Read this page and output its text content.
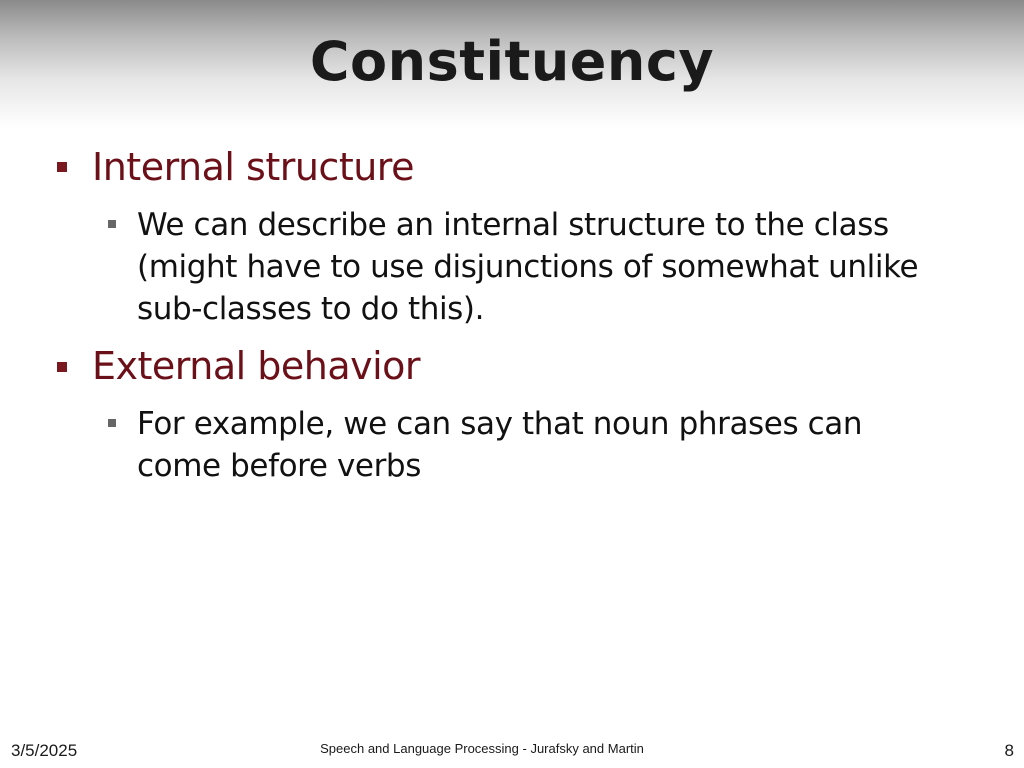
Constituency
Internal structure
We can describe an internal structure to the class
(might have to use disjunctions of somewhat unlike
sub-classes to do this).
External behavior
For example, we can say that noun phrases can
come before verbs
3/5/2025	Speech and Language Processing - Jurafsky and Martin	8
